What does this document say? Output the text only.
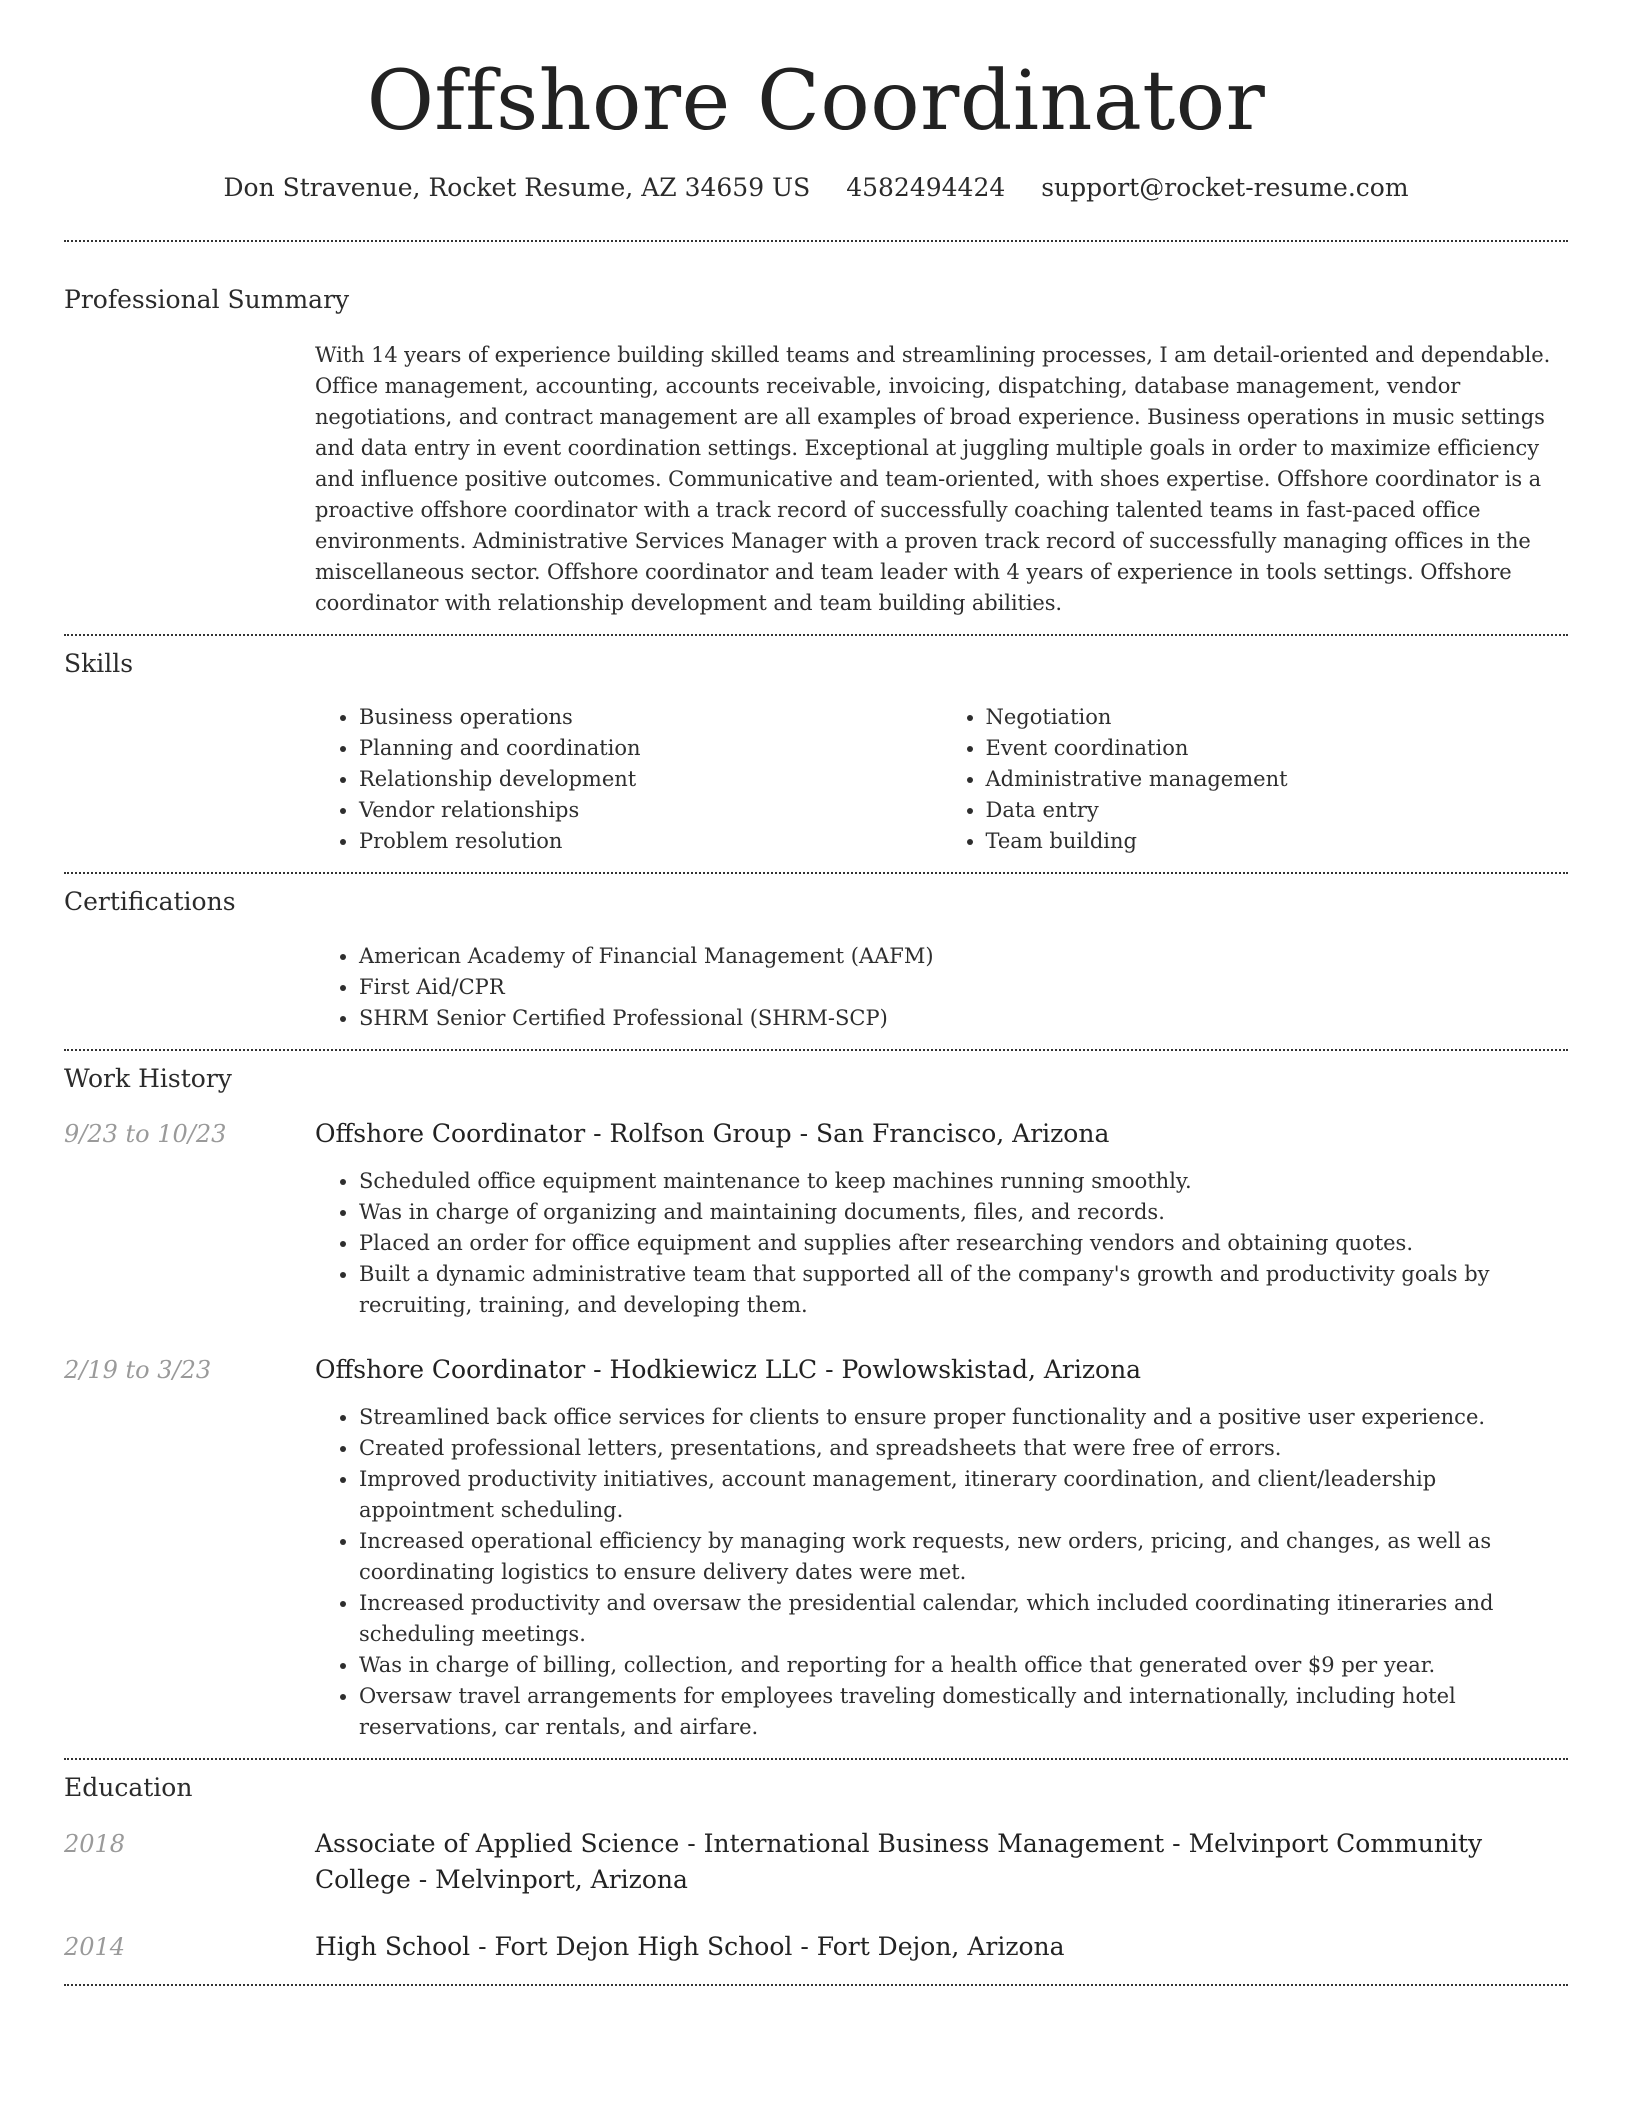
Offshore Coordinator
Don Stravenue, Rocket Resume, AZ 34659 US 4582494424 support@rocket-resume.com
Professional Summary

With 14 years of experience building skilled teams and streamlining processes, I am detail-oriented and dependable. Office management, accounting, accounts receivable, invoicing, dispatching, database management, vendor negotiations, and contract management are all examples of broad experience. Business operations in music settings and data entry in event coordination settings. Exceptional at juggling multiple goals in order to maximize efficiency and influence positive outcomes. Communicative and team-oriented, with shoes expertise. Offshore coordinator is a proactive offshore coordinator with a track record of successfully coaching talented teams in fast-paced office environments. Administrative Services Manager with a proven track record of successfully managing offices in the miscellaneous sector. Offshore coordinator and team leader with 4 years of experience in tools settings. Offshore coordinator with relationship development and team building abilities.

Skills
• Business operations
• Planning and coordination
• Relationship development
• Vendor relationships
• Problem resolution
• Negotiation
• Event coordination
• Administrative management
• Data entry
• Team building
Certifications
• American Academy of Financial Management (AAFM)
• First Aid/CPR
• SHRM Senior Certified Professional (SHRM-SCP)
Work History
9/23 to 10/23	Offshore Coordinator - Rolfson Group - San Francisco, Arizona
• Scheduled office equipment maintenance to keep machines running smoothly.
• Was in charge of organizing and maintaining documents, files, and records.
• Placed an order for office equipment and supplies after researching vendors and obtaining quotes.
• Built a dynamic administrative team that supported all of the company's growth and productivity goals by recruiting, training, and developing them.
2/19 to 3/23	Offshore Coordinator - Hodkiewicz LLC - Powlowskistad, Arizona
• Streamlined back office services for clients to ensure proper functionality and a positive user experience.
• Created professional letters, presentations, and spreadsheets that were free of errors.
• Improved productivity initiatives, account management, itinerary coordination, and client/leadership appointment scheduling.
• Increased operational efficiency by managing work requests, new orders, pricing, and changes, as well as coordinating logistics to ensure delivery dates were met.
• Increased productivity and oversaw the presidential calendar, which included coordinating itineraries and scheduling meetings.
• Was in charge of billing, collection, and reporting for a health office that generated over $9 per year.
• Oversaw travel arrangements for employees traveling domestically and internationally, including hotel reservations, car rentals, and airfare.
Education
2018	Associate of Applied Science - International Business Management - Melvinport Community College - Melvinport, Arizona
2014	High School - Fort Dejon High School - Fort Dejon, Arizona
